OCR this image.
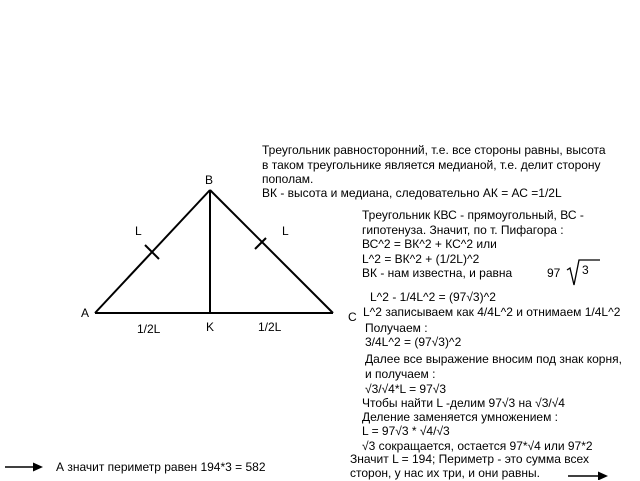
B
A	C
K
L	L
1/2L	1/2L
Треугольник равносторонний, т.е. все стороны равны, высота
в таком треугольнике является медианой, т.е. делит сторону
пополам.
ВК - высота и медиана, следовательно АК = АС =1/2L
Треугольник КВС - прямоугольный, ВС -
гипотенуза. Значит, по т. Пифагора :
ВС^2 = ВК^2 + КС^2 или
L^2 = ВК^2 + (1/2L)^2
ВК - нам известна, и равна	97 3
L^2 - 1/4L^2 = (97√3)^2
L^2 записываем как 4/4L^2 и отнимаем 1/4L^2
Получаем :
3/4L^2 = (97√3)^2
Далее все выражение вносим под знак корня,
и получаем :
√3/√4*L = 97√3
Чтобы найти L -делим 97√3 на √3/√4
Деление заменяется умножением :
L = 97√3 * √4/√3
√3 сокращается, остается 97*√4 или 97*2
Значит L = 194; Периметр - это сумма всех
сторон, у нас их три, и они равны.
А значит периметр равен 194*3 = 582
